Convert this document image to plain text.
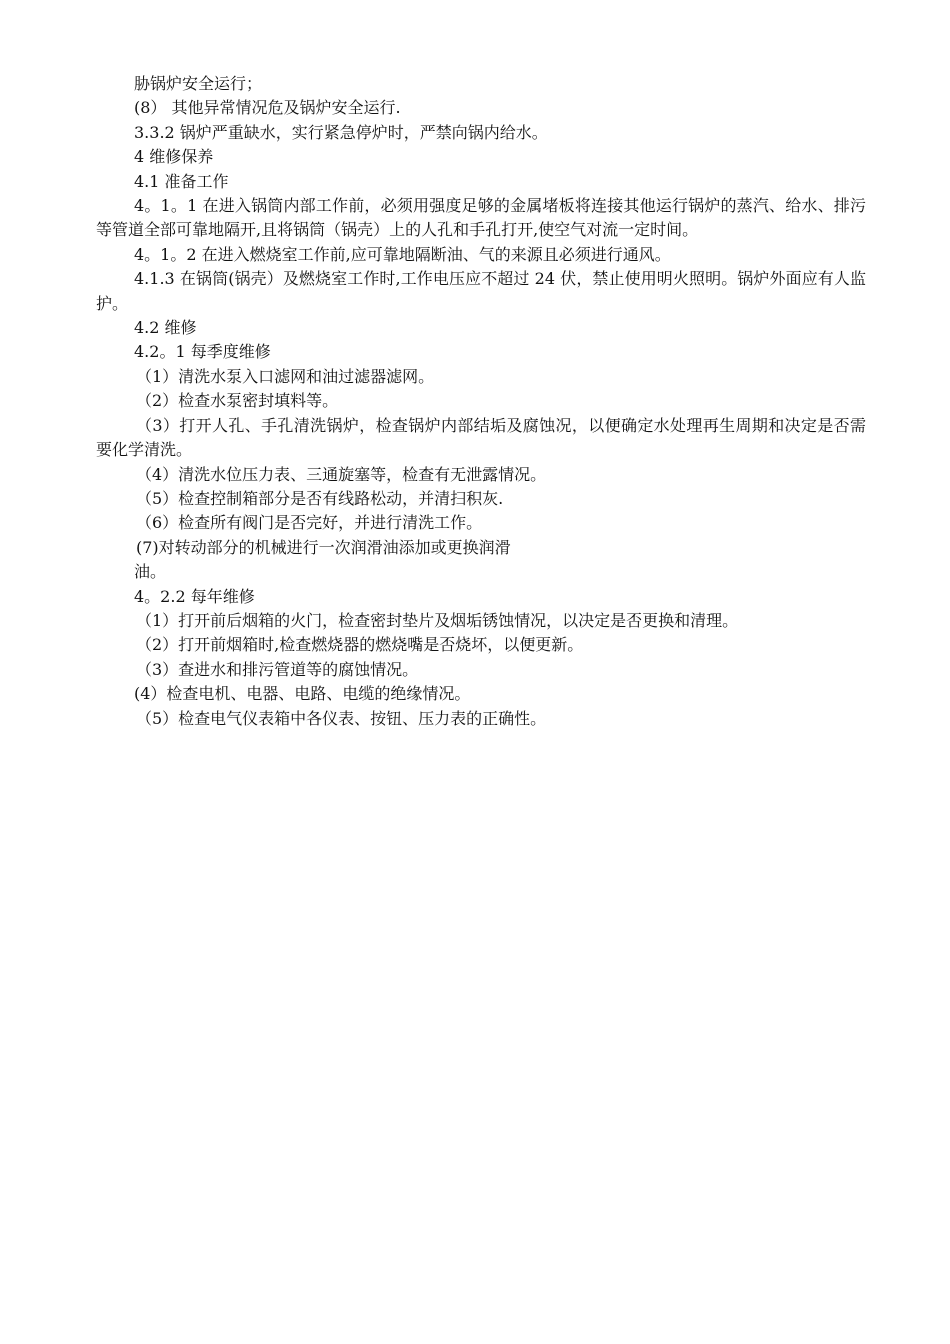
胁锅炉安全运行；

(8） 其他异常情况危及锅炉安全运行.

3.3.2 锅炉严重缺水，实行紧急停炉时，严禁向锅内给水。

4 维修保养

4.1 准备工作

4。1。1 在进入锅筒内部工作前，必须用强度足够的金属堵板将连接其他运行锅炉的蒸汽、给水、排污等管道全部可靠地隔开,且将锅筒（锅壳）上的人孔和手孔打开,使空气对流一定时间。

4。1。2 在进入燃烧室工作前,应可靠地隔断油、气的来源且必须进行通风。

4.1.3 在锅筒(锅壳）及燃烧室工作时,工作电压应不超过 24 伏，禁止使用明火照明。锅炉外面应有人监护。

4.2 维修

4.2。1 每季度维修

（1）清洗水泵入口滤网和油过滤器滤网。

（2）检查水泵密封填料等。

（3）打开人孔、手孔清洗锅炉，检查锅炉内部结垢及腐蚀况，以便确定水处理再生周期和决定是否需要化学清洗。

（4）清洗水位压力表、三通旋塞等，检查有无泄露情况。

（5）检查控制箱部分是否有线路松动，并清扫积灰.

（6）检查所有阀门是否完好，并进行清洗工作。

(7)对转动部分的机械进行一次润滑油添加或更换润滑

油。

4。2.2 每年维修

（1）打开前后烟箱的火门，检查密封垫片及烟垢锈蚀情况，以决定是否更换和清理。

（2）打开前烟箱时,检查燃烧器的燃烧嘴是否烧坏，以便更新。

（3）查进水和排污管道等的腐蚀情况。

(4）检查电机、电器、电路、电缆的绝缘情况。

（5）检查电气仪表箱中各仪表、按钮、压力表的正确性。
